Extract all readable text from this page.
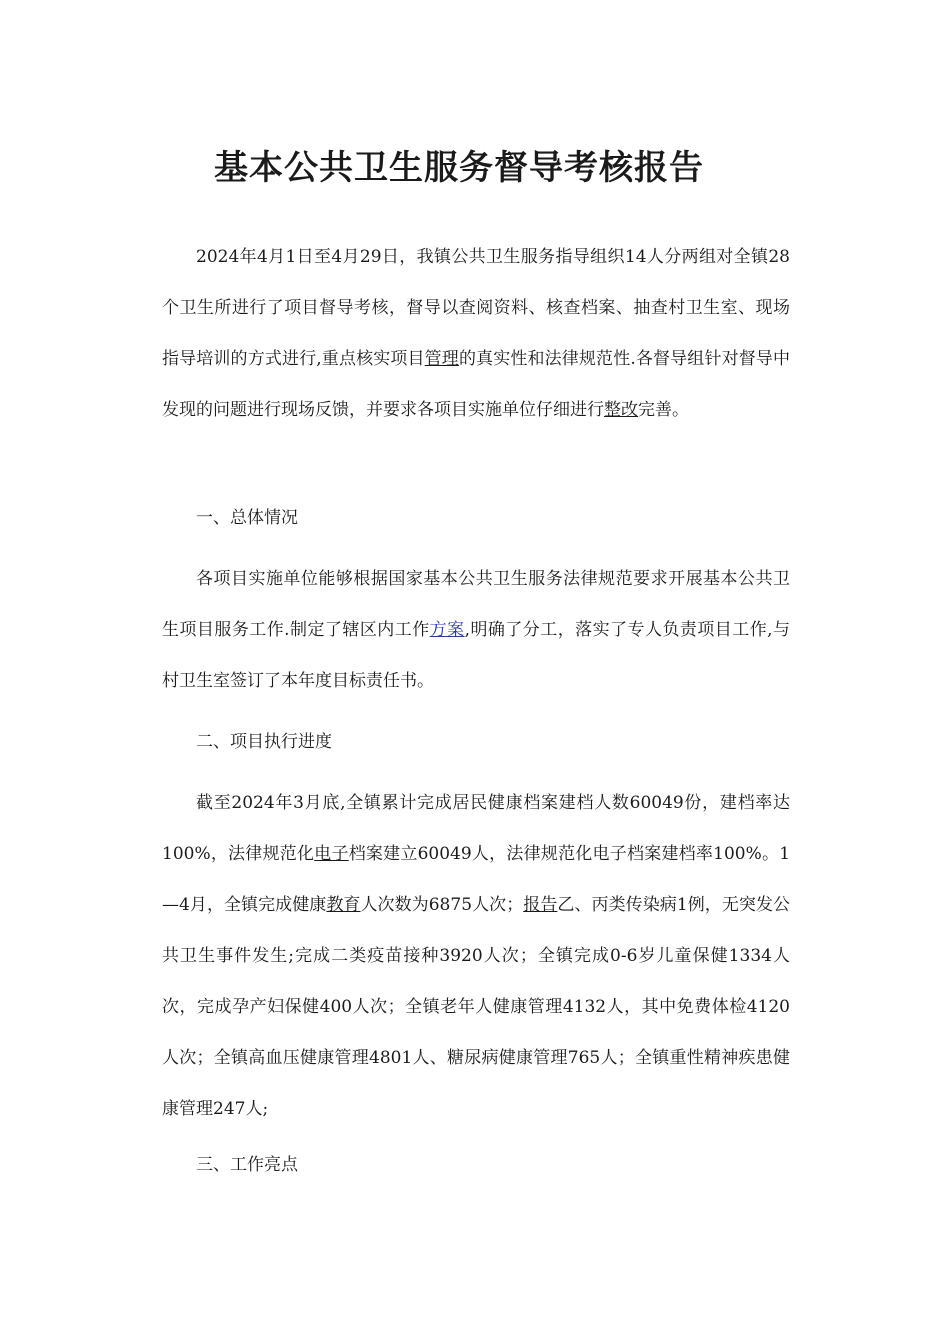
基本公共卫生服务督导考核报告
2024年4月1日至4月29日，我镇公共卫生服务指导组织14人分两组对全镇28个卫生所进行了项目督导考核，督导以查阅资料、核查档案、抽查村卫生室、现场指导培训的方式进行,重点核实项目管理的真实性和法律规范性.各督导组针对督导中发现的问题进行现场反馈，并要求各项目实施单位仔细进行整改完善。
一、总体情况
各项目实施单位能够根据国家基本公共卫生服务法律规范要求开展基本公共卫生项目服务工作.制定了辖区内工作方案,明确了分工，落实了专人负责项目工作,与村卫生室签订了本年度目标责任书。
二、项目执行进度
截至2024年3月底,全镇累计完成居民健康档案建档人数60049份，建档率达100%，法律规范化电子档案建立60049人，法律规范化电子档案建档率100%。1—4月，全镇完成健康教育人次数为6875人次；报告乙、丙类传染病1例，无突发公共卫生事件发生;完成二类疫苗接种3920人次；全镇完成0-6岁儿童保健1334人次，完成孕产妇保健400人次；全镇老年人健康管理4132人，其中免费体检4120人次；全镇高血压健康管理4801人、糖尿病健康管理765人；全镇重性精神疾患健康管理247人;
三、工作亮点
